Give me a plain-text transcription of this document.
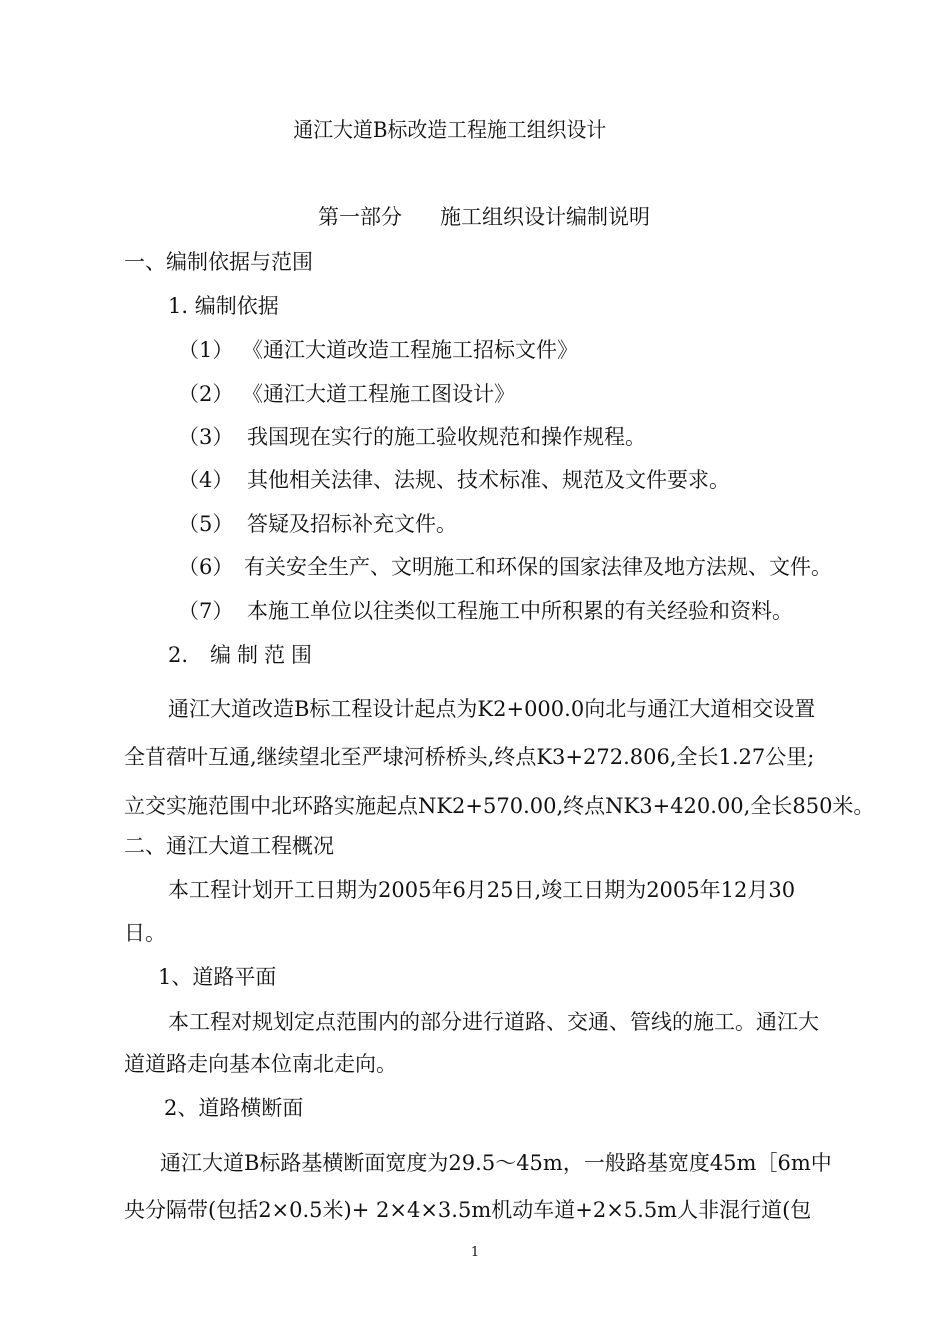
通江大道B标改造工程施工组织设计
第一部分 施工组织设计编制说明
一、编制依据与范围
1. 编制依据
（1） 《通江大道改造工程施工招标文件》
（2） 《通江大道工程施工图设计》
（3） 我国现在实行的施工验收规范和操作规程。
（4） 其他相关法律、法规、技术标准、规范及文件要求。
（5） 答疑及招标补充文件。
（6） 有关安全生产、文明施工和环保的国家法律及地方法规、文件。
（7） 本施工单位以往类似工程施工中所积累的有关经验和资料。
2. 编制范围
通江大道改造B标工程设计起点为K2+000.0向北与通江大道相交设置
全苜蓿叶互通,继续望北至严埭河桥桥头,终点K3+272.806,全长1.27公里;
立交实施范围中北环路实施起点NK2+570.00,终点NK3+420.00,全长850米。
二、通江大道工程概况
本工程计划开工日期为2005年6月25日,竣工日期为2005年12月30
日。
1、道路平面
本工程对规划定点范围内的部分进行道路、交通、管线的施工。通江大
道道路走向基本位南北走向。
2、道路横断面
通江大道B标路基横断面宽度为29.5～45m，一般路基宽度45m［6m中
央分隔带(包括2×0.5米)+ 2×4×3.5m机动车道+2×5.5m人非混行道(包
1
